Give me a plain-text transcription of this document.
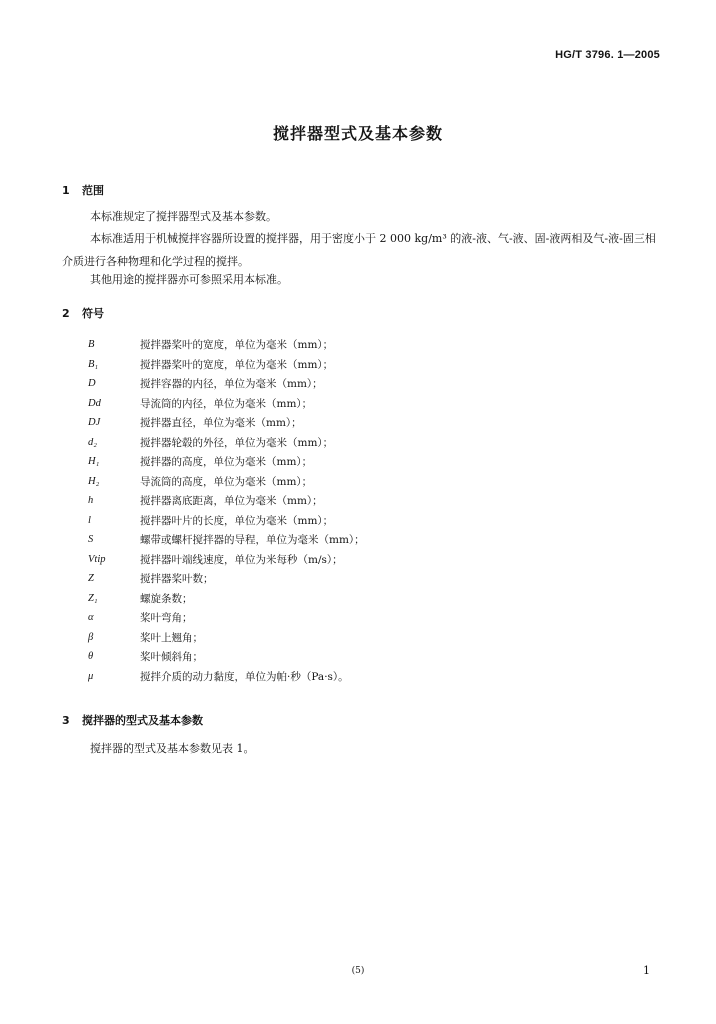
HG/T 3796. 1—2005
搅拌器型式及基本参数
1 范围
本标准规定了搅拌器型式及基本参数。
本标准适用于机械搅拌容器所设置的搅拌器，用于密度小于 2 000 kg/m³ 的液-液、气-液、固-液两相及气-液-固三相介质进行各种物理和化学过程的搅拌。
其他用途的搅拌器亦可参照采用本标准。
2 符号
B	搅拌器桨叶的宽度，单位为毫米（mm）；
B₁	搅拌器桨叶的宽度，单位为毫米（mm）；
D	搅拌容器的内径，单位为毫米（mm）；
Dd	导流筒的内径，单位为毫米（mm）；
DJ	搅拌器直径，单位为毫米（mm）；
d₂	搅拌器轮毂的外径，单位为毫米（mm）；
H₁	搅拌器的高度，单位为毫米（mm）；
H₂	导流筒的高度，单位为毫米（mm）；
h	搅拌器离底距离，单位为毫米（mm）；
l	搅拌器叶片的长度，单位为毫米（mm）；
S	螺带或螺杆搅拌器的导程，单位为毫米（mm）；
Vtip	搅拌器叶端线速度，单位为米每秒（m/s）；
Z	搅拌器桨叶数；
Z₁	螺旋条数；
α	桨叶弯角；
β	桨叶上翘角；
θ	桨叶倾斜角；
μ	搅拌介质的动力黏度，单位为帕·秒（Pa·s）。
3 搅拌器的型式及基本参数
搅拌器的型式及基本参数见表 1。
(5)	1
